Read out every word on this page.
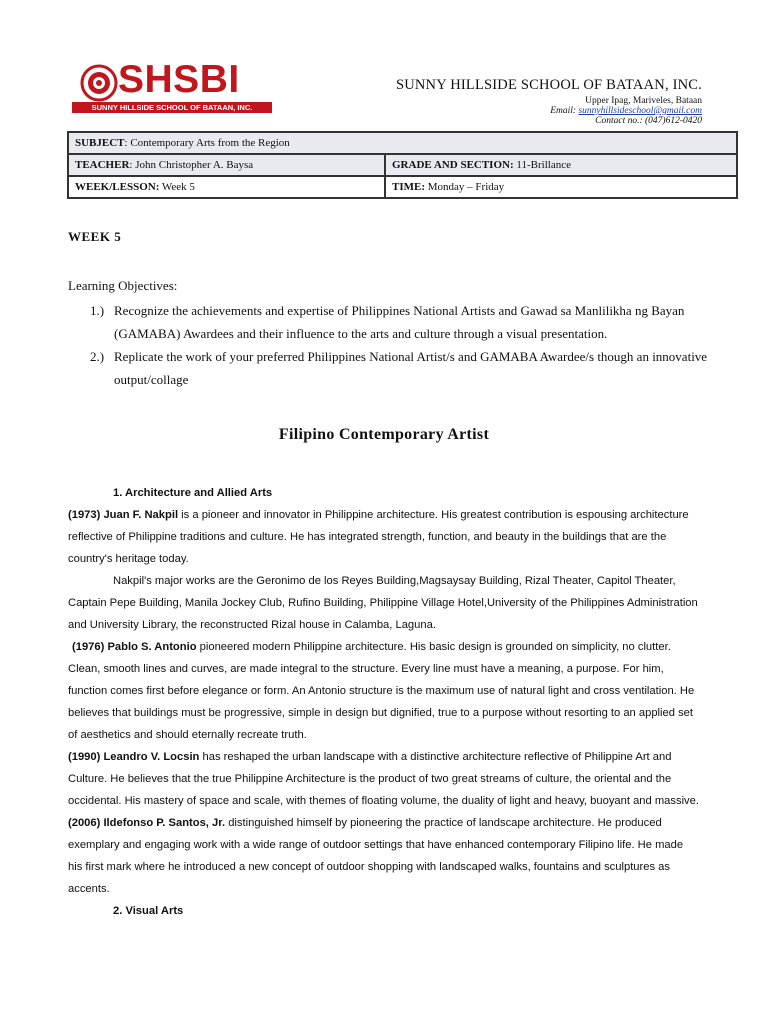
SHSBI
SUNNY HILLSIDE SCHOOL OF BATAAN, INC.
SUNNY HILLSIDE SCHOOL OF BATAAN, INC.
Upper Ipag, Mariveles, Bataan
Email: sunnyhillsideschool@gmail.com
Contact no.: (047)612-0420
SUBJECT: Contemporary Arts from the Region	
TEACHER: John Christopher A. Baysa	GRADE AND SECTION: 11-Brillance
WEEK/LESSON: Week 5	TIME: Monday – Friday
WEEK 5
Learning Objectives:
1.) Recognize the achievements and expertise of Philippines National Artists and Gawad sa Manlilikha ng Bayan (GAMABA) Awardees and their influence to the arts and culture through a visual presentation.
2.) Replicate the work of your preferred Philippines National Artist/s and GAMABA Awardee/s though an innovative output/collage
Filipino Contemporary Artist

1. Architecture and Allied Arts

(1973) Juan F. Nakpil is a pioneer and innovator in Philippine architecture. His greatest contribution is espousing architecture reflective of Philippine traditions and culture. He has integrated strength, function, and beauty in the buildings that are the country's heritage today.

Nakpil's major works are the Geronimo de los Reyes Building,Magsaysay Building, Rizal Theater, Capitol Theater, Captain Pepe Building, Manila Jockey Club, Rufino Building, Philippine Village Hotel,University of the Philippines Administration and University Library, the reconstructed Rizal house in Calamba, Laguna.

(1976) Pablo S. Antonio pioneered modern Philippine architecture. His basic design is grounded on simplicity, no clutter. Clean, smooth lines and curves, are made integral to the structure. Every line must have a meaning, a purpose. For him, function comes first before elegance or form. An Antonio structure is the maximum use of natural light and cross ventilation. He believes that buildings must be progressive, simple in design but dignified, true to a purpose without resorting to an applied set of aesthetics and should eternally recreate truth.

(1990) Leandro V. Locsin has reshaped the urban landscape with a distinctive architecture reflective of Philippine Art and Culture. He believes that the true Philippine Architecture is the product of two great streams of culture, the oriental and the occidental. His mastery of space and scale, with themes of floating volume, the duality of light and heavy, buoyant and massive.

(2006) Ildefonso P. Santos, Jr. distinguished himself by pioneering the practice of landscape architecture. He produced exemplary and engaging work with a wide range of outdoor settings that have enhanced contemporary Filipino life. He made his first mark where he introduced a new concept of outdoor shopping with landscaped walks, fountains and sculptures as accents.

2. Visual Arts
